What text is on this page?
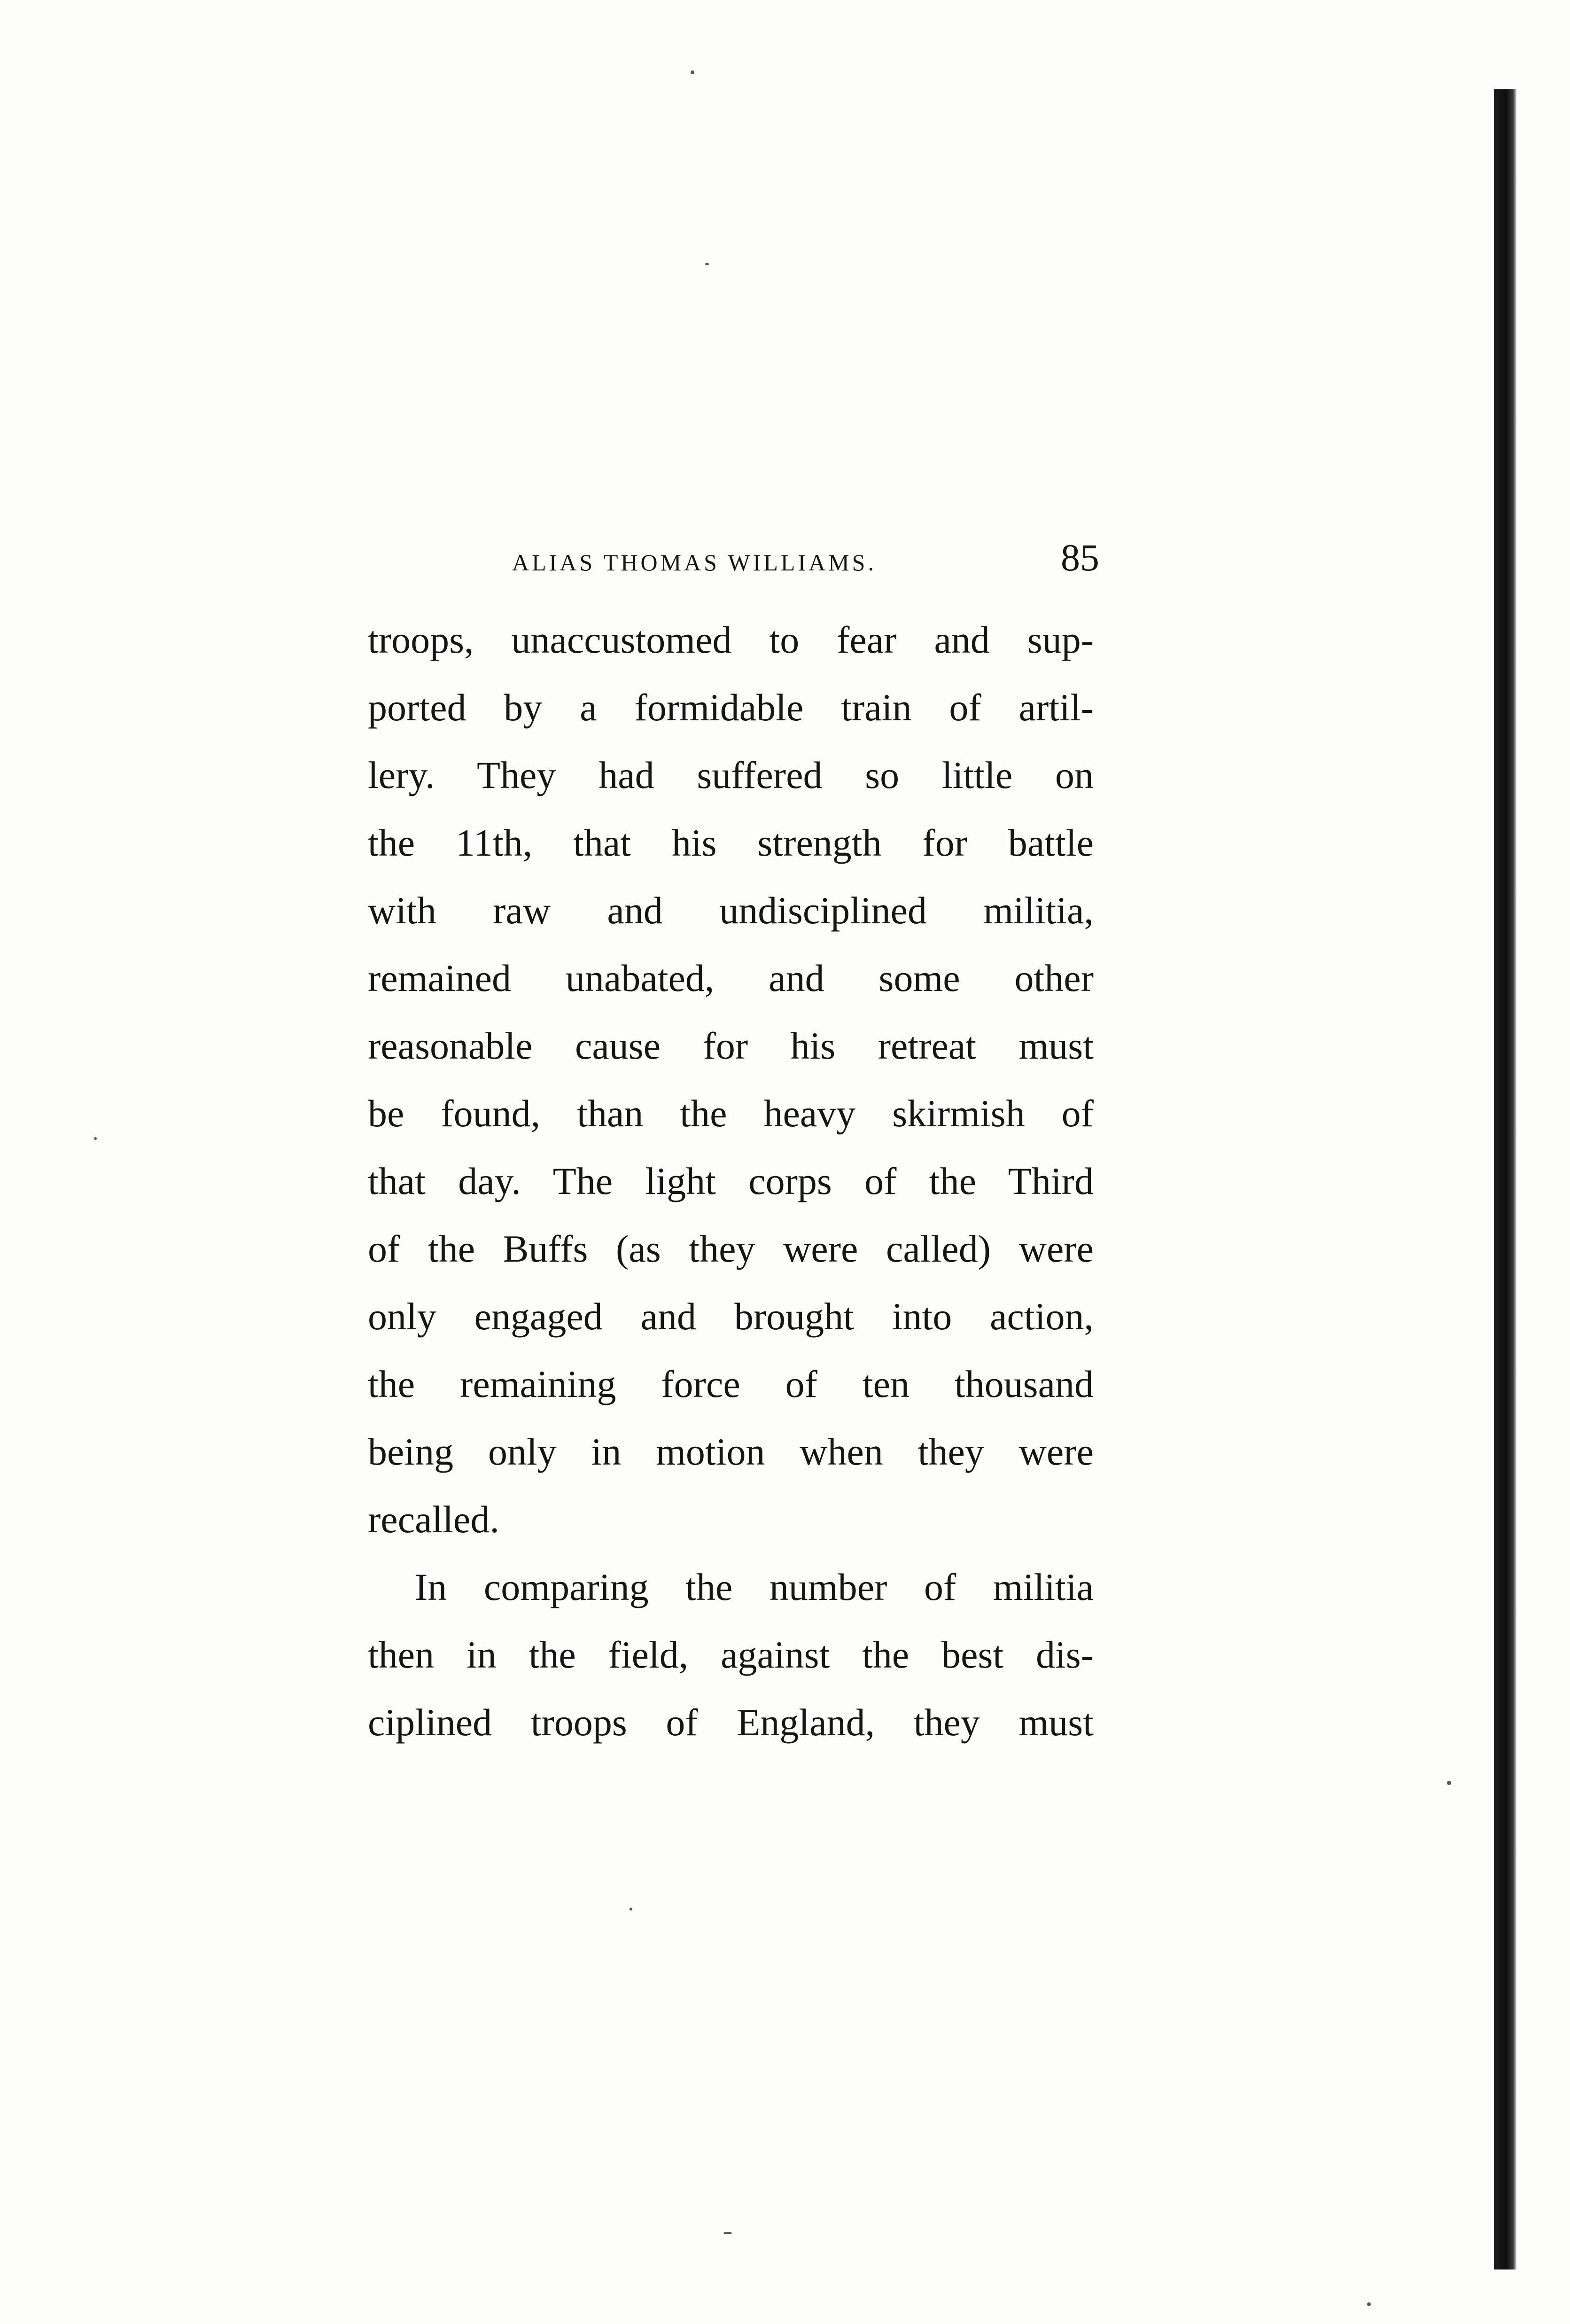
ALIAS THOMAS WILLIAMS.	85
troops, unaccustomed to fear and sup-
ported by a formidable train of artil-
lery. They had suffered so little on
the 11th, that his strength for battle
with raw and undisciplined militia,
remained unabated, and some other
reasonable cause for his retreat must
be found, than the heavy skirmish of
that day. The light corps of the Third
of the Buffs (as they were called) were
only engaged and brought into action,
the remaining force of ten thousand
being only in motion when they were
recalled.
In comparing the number of militia
then in the field, against the best dis-
ciplined troops of England, they must
